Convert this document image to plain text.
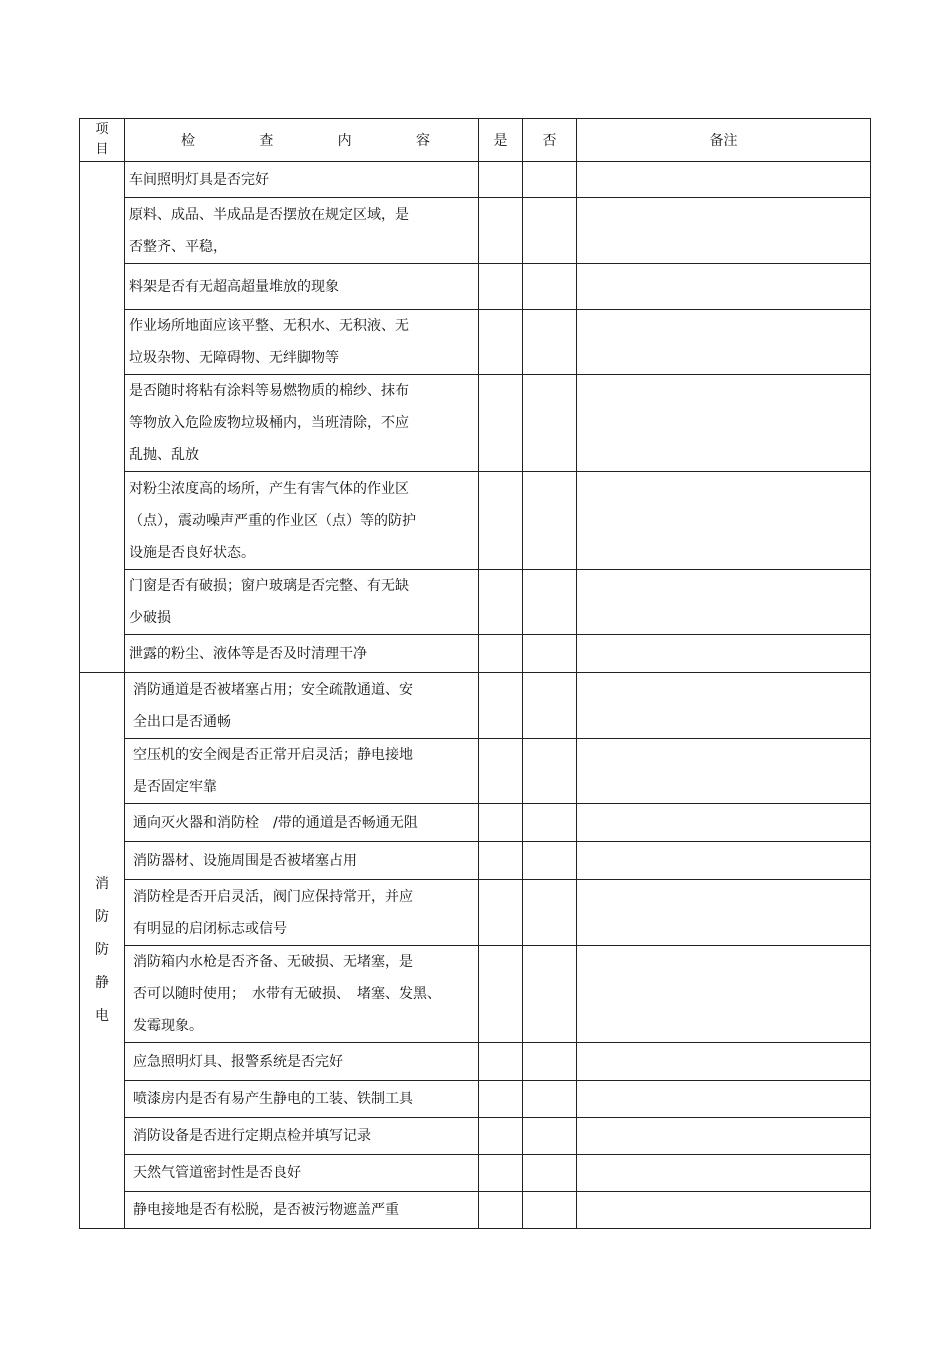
项
目	检 查 内 容	是	否	备注

	车间照明灯具是否完好			

	原料、成品、半成品是否摆放在规定区域，是
否整齐、平稳，			

	料架是否有无超高超量堆放的现象			

	作业场所地面应该平整、无积水、无积液、无
垃圾杂物、无障碍物、无绊脚物等			

	是否随时将粘有涂料等易燃物质的棉纱、抹布
等物放入危险废物垃圾桶内，当班清除，不应
乱抛、乱放			

	对粉尘浓度高的场所，产生有害气体的作业区
（点），震动噪声严重的作业区（点）等的防护
设施是否良好状态。			

	门窗是否有破损；窗户玻璃是否完整、有无缺
少破损			

	泄露的粉尘、液体等是否及时清理干净			

消
防
防
静
电	消防通道是否被堵塞占用；安全疏散通道、安
全出口是否通畅			

	空压机的安全阀是否正常开启灵活；静电接地
是否固定牢靠			

	通向灭火器和消防栓　/带的通道是否畅通无阻			

	消防器材、设施周围是否被堵塞占用			

	消防栓是否开启灵活，阀门应保持常开，并应
有明显的启闭标志或信号			

	消防箱内水枪是否齐备、无破损、无堵塞，是
否可以随时使用；　水带有无破损、　堵塞、发黑、
发霉现象。			

	应急照明灯具、报警系统是否完好			

	喷漆房内是否有易产生静电的工装、铁制工具			

	消防设备是否进行定期点检并填写记录			

	天然气管道密封性是否良好			

	静电接地是否有松脱，是否被污物遮盖严重			
